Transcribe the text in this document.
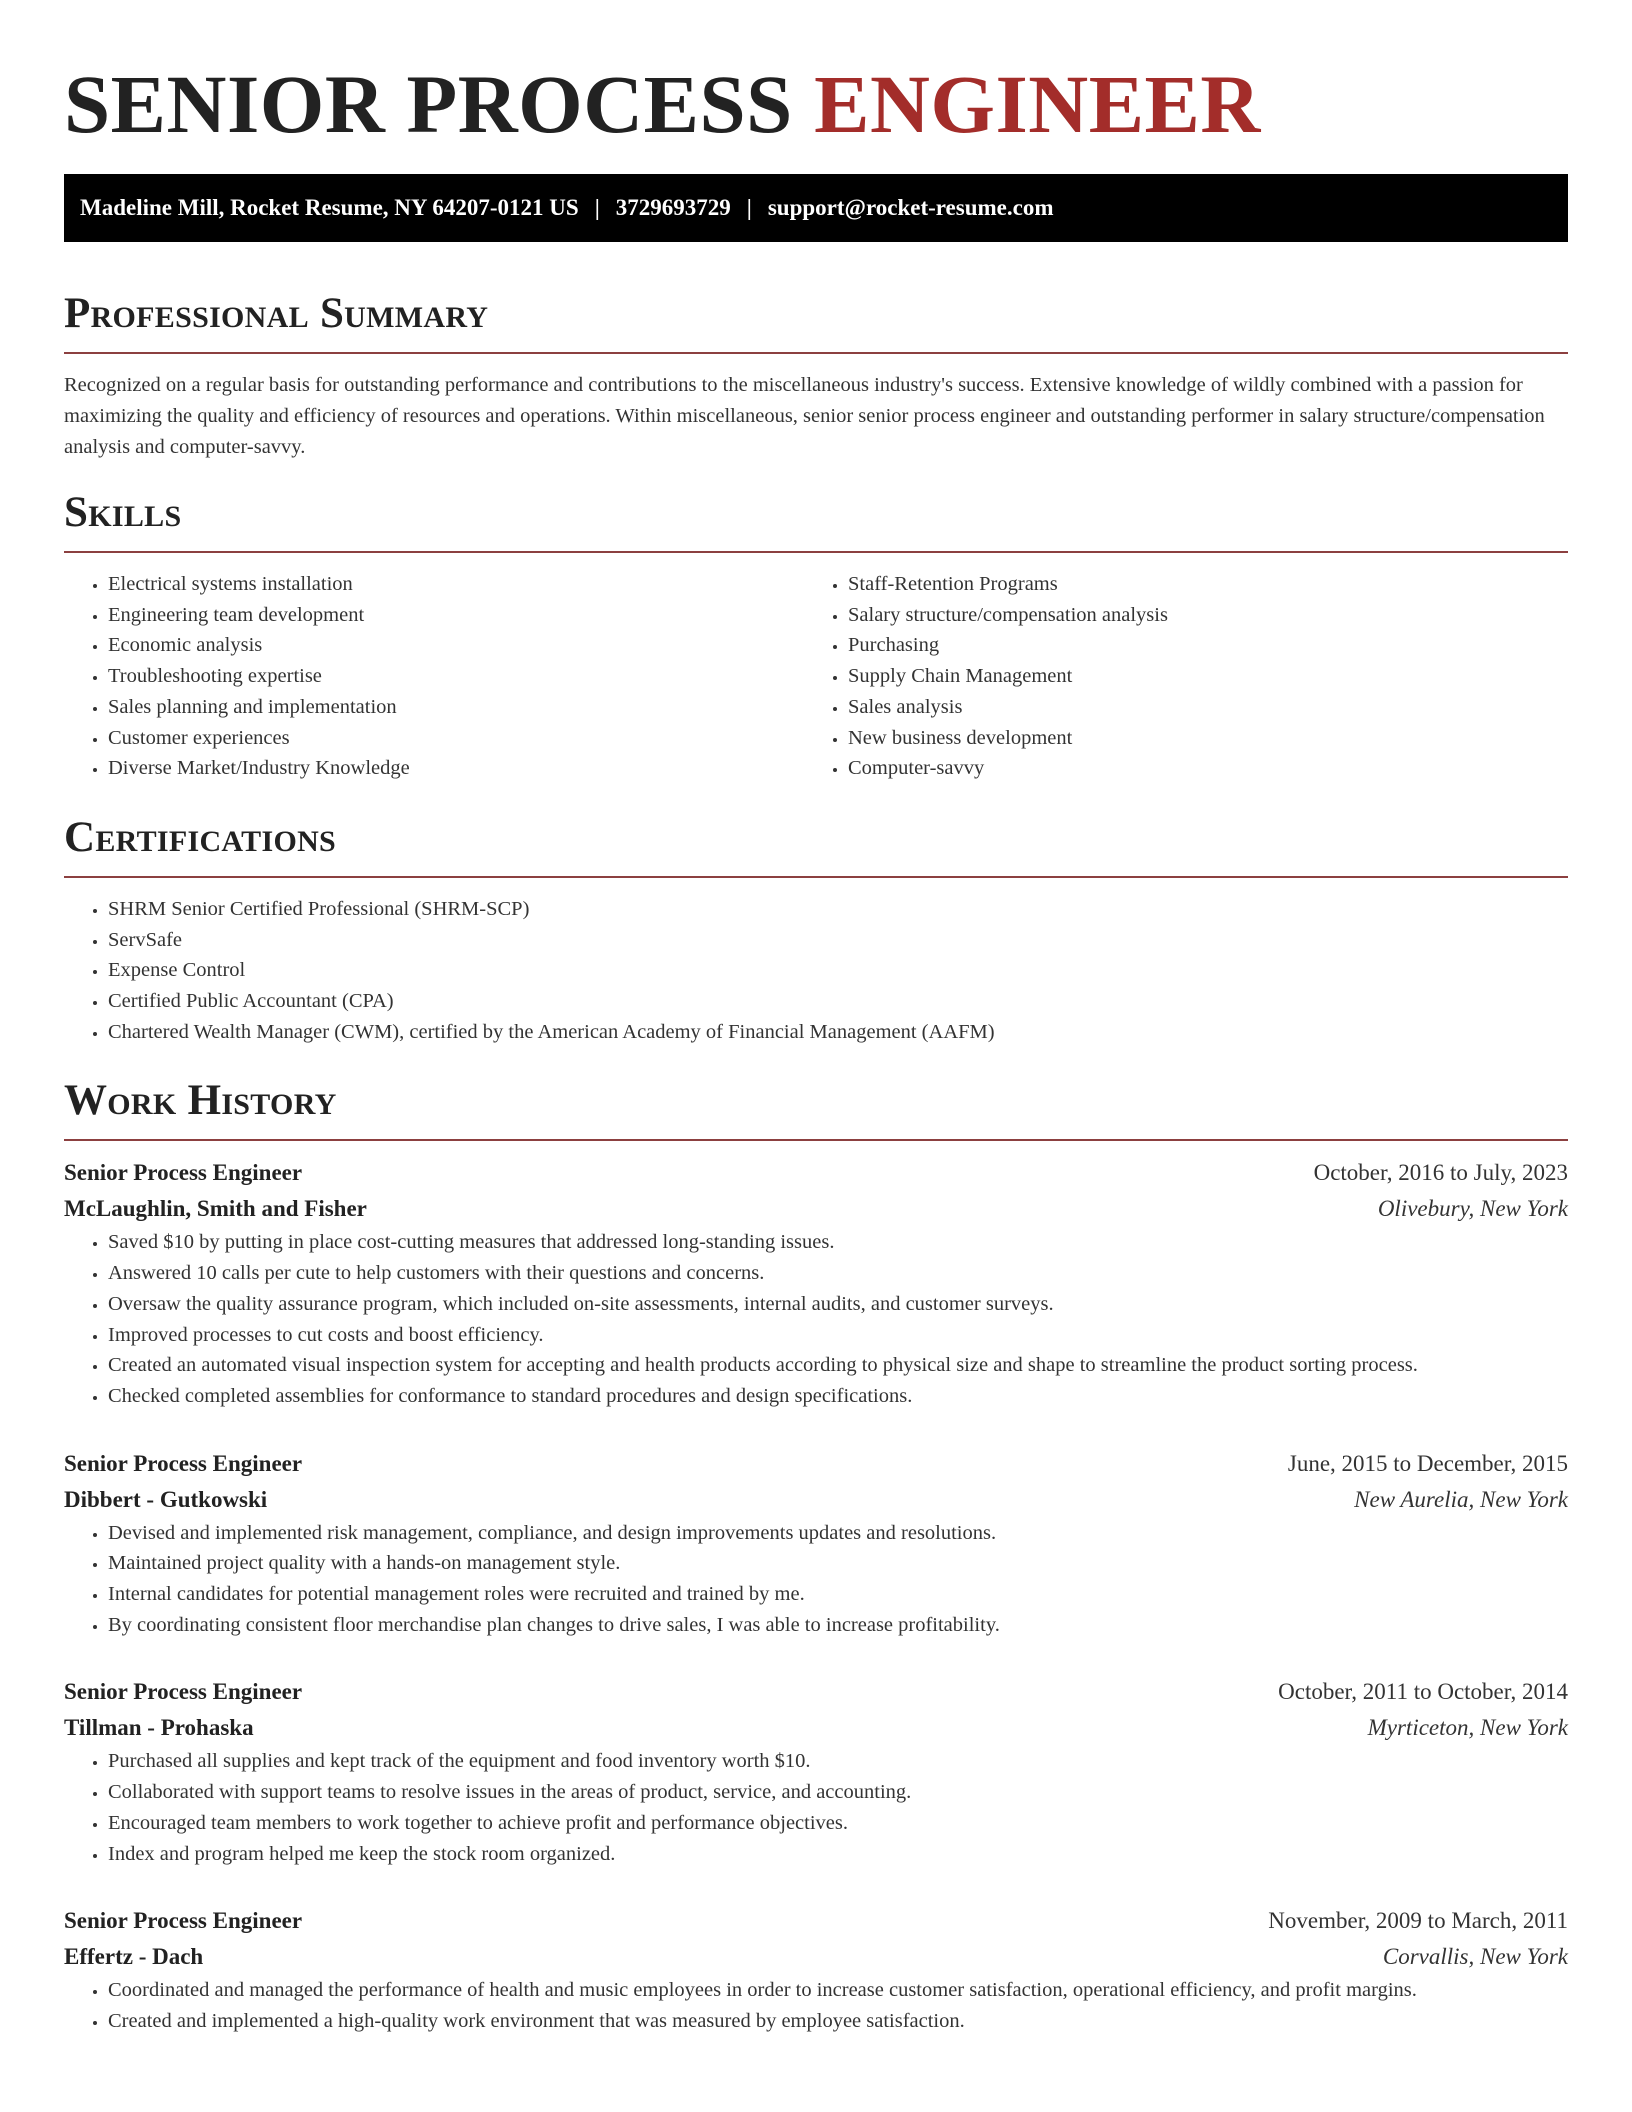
SENIOR PROCESS ENGINEER
Madeline Mill, Rocket Resume, NY 64207-0121 US | 3729693729 | support@rocket-resume.com
Professional Summary

Recognized on a regular basis for outstanding performance and contributions to the miscellaneous industry's success. Extensive knowledge of wildly combined with a passion for maximizing the quality and efficiency of resources and operations. Within miscellaneous, senior senior process engineer and outstanding performer in salary structure/compensation analysis and computer-savvy.

Skills
• Electrical systems installation
• Engineering team development
• Economic analysis
• Troubleshooting expertise
• Sales planning and implementation
• Customer experiences
• Diverse Market/Industry Knowledge
• Staff-Retention Programs
• Salary structure/compensation analysis
• Purchasing
• Supply Chain Management
• Sales analysis
• New business development
• Computer-savvy
Certifications
• SHRM Senior Certified Professional (SHRM-SCP)
• ServSafe
• Expense Control
• Certified Public Accountant (CPA)
• Chartered Wealth Manager (CWM), certified by the American Academy of Financial Management (AAFM)
Work History
Senior Process Engineer	October, 2016 to July, 2023
McLaughlin, Smith and Fisher	Olivebury, New York
• Saved $10 by putting in place cost-cutting measures that addressed long-standing issues.
• Answered 10 calls per cute to help customers with their questions and concerns.
• Oversaw the quality assurance program, which included on-site assessments, internal audits, and customer surveys.
• Improved processes to cut costs and boost efficiency.
• Created an automated visual inspection system for accepting and health products according to physical size and shape to streamline the product sorting process.
• Checked completed assemblies for conformance to standard procedures and design specifications.
Senior Process Engineer	June, 2015 to December, 2015
Dibbert - Gutkowski	New Aurelia, New York
• Devised and implemented risk management, compliance, and design improvements updates and resolutions.
• Maintained project quality with a hands-on management style.
• Internal candidates for potential management roles were recruited and trained by me.
• By coordinating consistent floor merchandise plan changes to drive sales, I was able to increase profitability.
Senior Process Engineer	October, 2011 to October, 2014
Tillman - Prohaska	Myrticeton, New York
• Purchased all supplies and kept track of the equipment and food inventory worth $10.
• Collaborated with support teams to resolve issues in the areas of product, service, and accounting.
• Encouraged team members to work together to achieve profit and performance objectives.
• Index and program helped me keep the stock room organized.
Senior Process Engineer	November, 2009 to March, 2011
Effertz - Dach	Corvallis, New York
• Coordinated and managed the performance of health and music employees in order to increase customer satisfaction, operational efficiency, and profit margins.
• Created and implemented a high-quality work environment that was measured by employee satisfaction.
